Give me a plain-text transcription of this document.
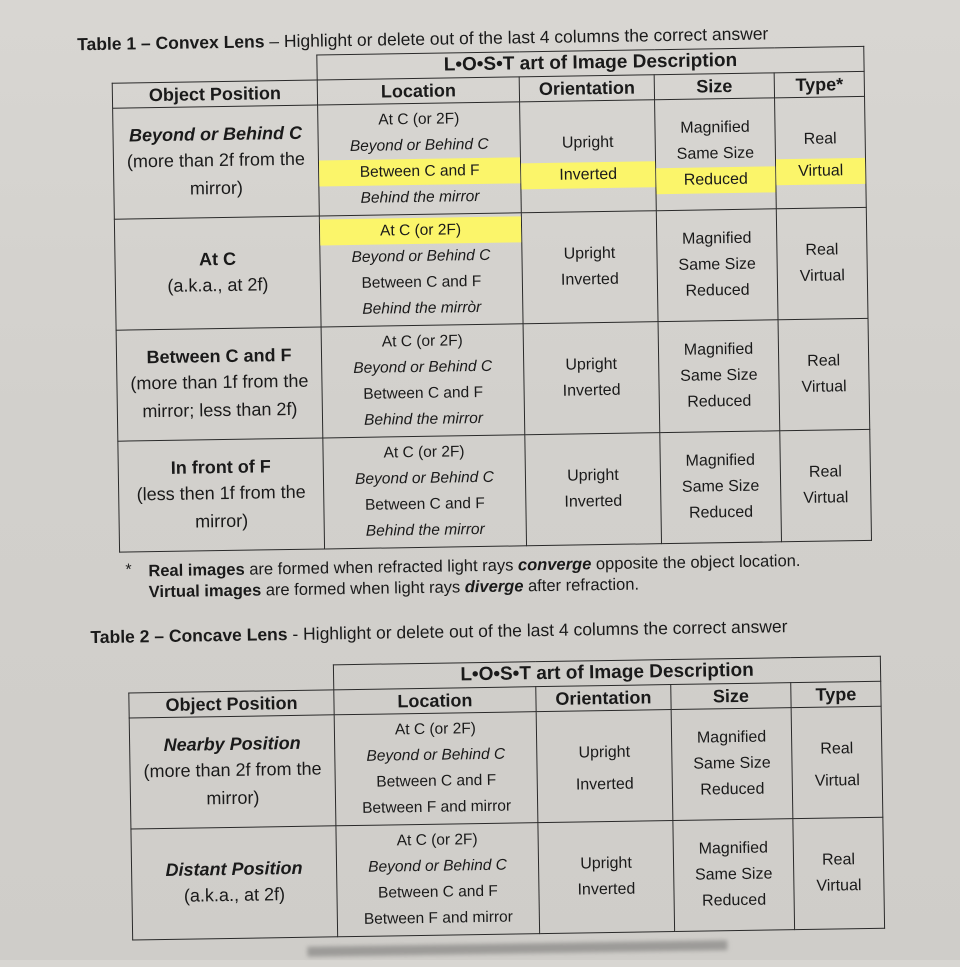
Table 1 – Convex Lens – Highlight or delete out of the last 4 columns the correct answer
	L•O•S•T art of Image Description			
Object Position	Location	Orientation	Size	Type*

Beyond or Behind C
(more than 2f from the
mirror)	At C (or 2F)
Beyond or Behind C
Between C and F
Behind the mirror	Upright
Inverted	Magnified
Same Size
Reduced	Real
Virtual

At C
(a.k.a., at 2f)	At C (or 2F)
Beyond or Behind C
Between C and F
Behind the mirròr	Upright
Inverted	Magnified
Same Size
Reduced	Real
Virtual

Between C and F
(more than 1f from the
mirror; less than 2f)	At C (or 2F)
Beyond or Behind C
Between C and F
Behind the mirror	Upright
Inverted	Magnified
Same Size
Reduced	Real
Virtual

In front of F
(less then 1f from the
mirror)	At C (or 2F)
Beyond or Behind C
Between C and F
Behind the mirror	Upright
Inverted	Magnified
Same Size
Reduced	Real
Virtual
* Real images are formed when refracted light rays converge opposite the object location.
Virtual images are formed when light rays diverge after refraction.
Table 2 – Concave Lens - Highlight or delete out of the last 4 columns the correct answer
	L•O•S•T art of Image Description			
Object Position	Location	Orientation	Size	Type

Nearby Position
(more than 2f from the
mirror)	At C (or 2F)
Beyond or Behind C
Between C and F
Between F and mirror	Upright
Inverted	Magnified
Same Size
Reduced	Real
Virtual

Distant Position
(a.k.a., at 2f)	At C (or 2F)
Beyond or Behind C
Between C and F
Between F and mirror	Upright
Inverted	Magnified
Same Size
Reduced	Real
Virtual
